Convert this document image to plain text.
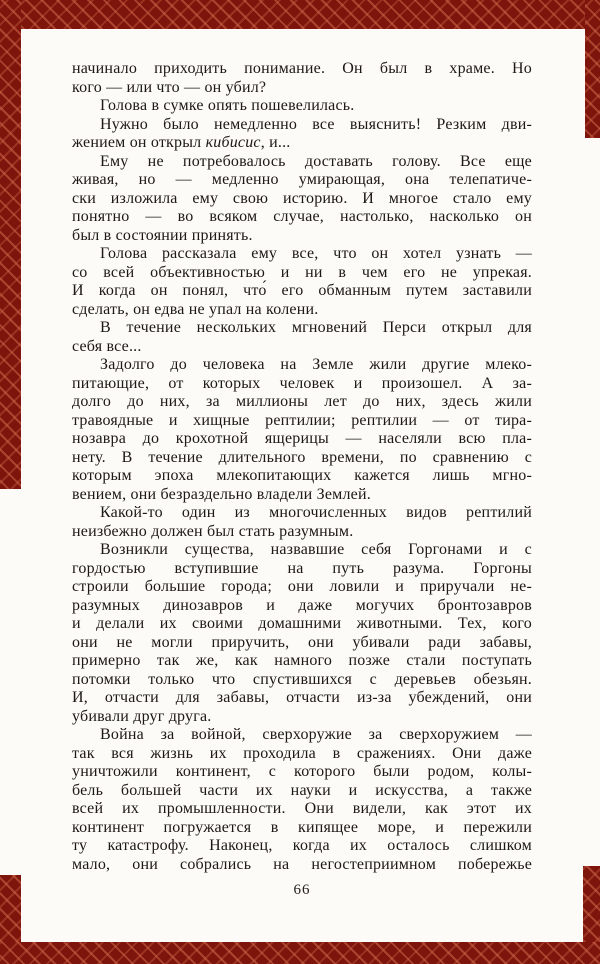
начинало приходить понимание. Он был в храме. Но
кого — или что — он убил?
Голова в сумке опять пошевелилась.
Нужно было немедленно все выяснить! Резким дви-
жением он открыл кибисис, и...
Ему не потребовалось доставать голову. Все еще
живая, но — медленно умирающая, она телепатиче-
ски изложила ему свою историю. И многое стало ему
понятно — во всяком случае, настолько, насколько он
был в состоянии принять.
Голова рассказала ему все, что он хотел узнать —
со всей объективностью и ни в чем его не упрекая.
И когда он понял, что́ его обманным путем заставили
сделать, он едва не упал на колени.
В течение нескольких мгновений Перси открыл для
себя все...
Задолго до человека на Земле жили другие млеко-
питающие, от которых человек и произошел. А за-
долго до них, за миллионы лет до них, здесь жили
травоядные и хищные рептилии; рептилии — от тира-
нозавра до крохотной ящерицы — населяли всю пла-
нету. В течение длительного времени, по сравнению с
которым эпоха млекопитающих кажется лишь мгно-
вением, они безраздельно владели Землей.
Какой-то один из многочисленных видов рептилий
неизбежно должен был стать разумным.
Возникли существа, назвавшие себя Горгонами и с
гордостью вступившие на путь разума. Горгоны
строили большие города; они ловили и приручали не-
разумных динозавров и даже могучих бронтозавров
и делали их своими домашними животными. Тех, кого
они не могли приручить, они убивали ради забавы,
примерно так же, как намного позже стали поступать
потомки только что спустившихся с деревьев обезьян.
И, отчасти для забавы, отчасти из-за убеждений, они
убивали друг друга.
Война за войной, сверхоружие за сверхоружием —
так вся жизнь их проходила в сражениях. Они даже
уничтожили континент, с которого были родом, колы-
бель большей части их науки и искусства, а также
всей их промышленности. Они видели, как этот их
континент погружается в кипящее море, и пережили
ту катастрофу. Наконец, когда их осталось слишком
мало, они собрались на негостеприимном побережье
66
